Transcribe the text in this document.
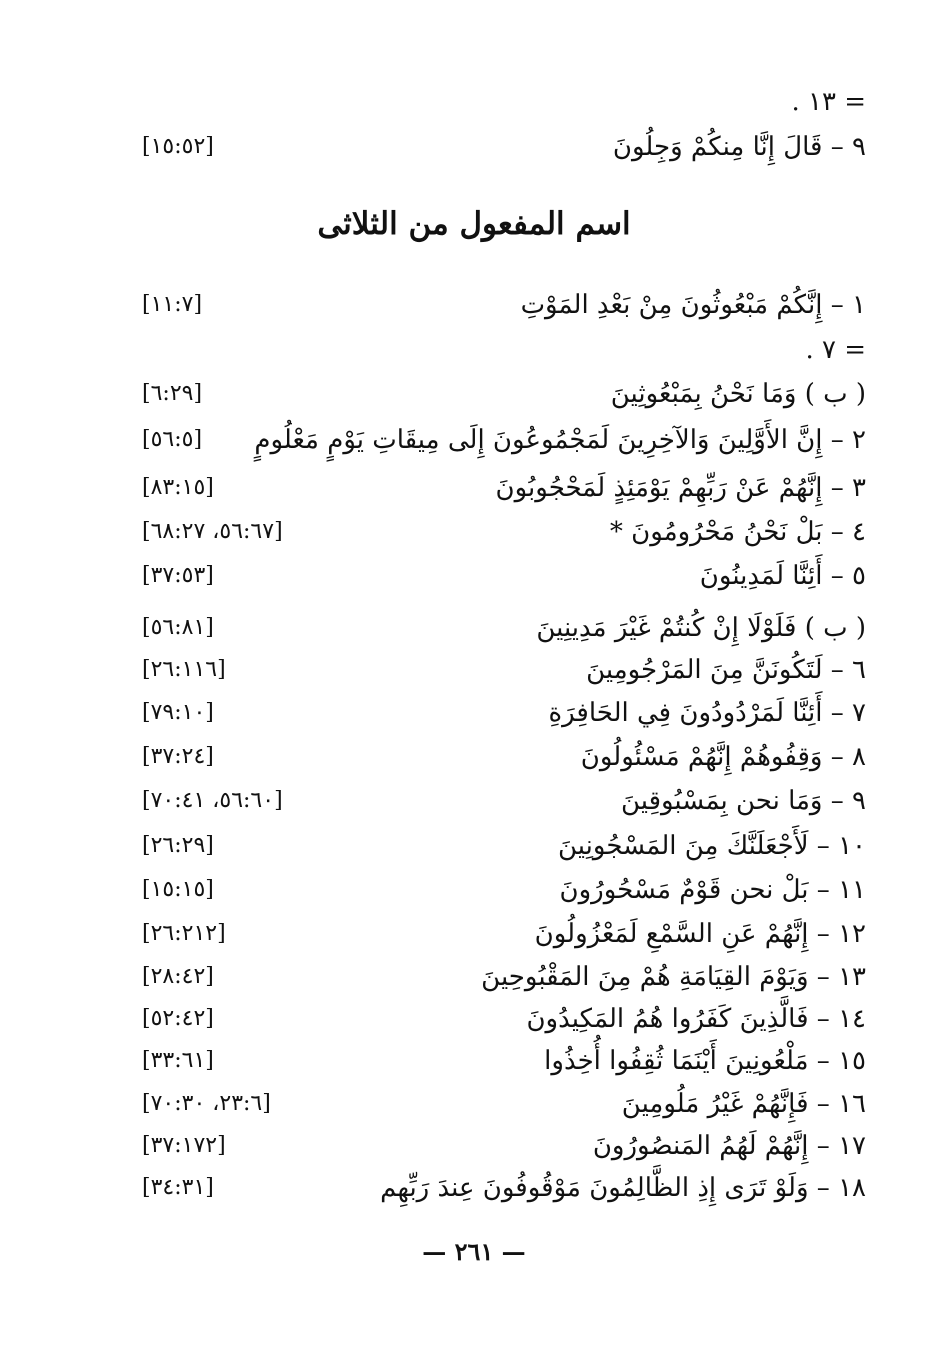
= ١٣ .
٩ – قَالَ إِنَّا مِنكُمْ وَجِلُونَ
[١٥:٥٢]
اسم المفعول من الثلاثى
١ – إِنَّكُمْ مَبْعُوثُونَ مِنْ بَعْدِ المَوْتِ
[١١:٧]
= ٧ .
( ب ) وَمَا نَحْنُ بِمَبْعُوثِينَ
[٦:٢٩]
٢ – إِنَّ الأَوَّلِينَ وَالآخِرِينَ لَمَجْمُوعُونَ إِلَى مِيقَاتِ يَوْمٍ مَعْلُومٍ
[٥٦:٥]
٣ – إِنَّهُمْ عَنْ رَبِّهِمْ يَوْمَئِذٍ لَمَحْجُوبُونَ
[٨٣:١٥]
٤ – بَلْ نَحْنُ مَحْرُومُونَ *
[٥٦:٦٧، ٦٨:٢٧]
٥ – أَئِنَّا لَمَدِينُونَ
[٣٧:٥٣]
( ب ) فَلَوْلَا إِنْ كُنتُمْ غَيْرَ مَدِينِينَ
[٥٦:٨١]
٦ – لَتَكُونَنَّ مِنَ المَرْجُومِينَ
[٢٦:١١٦]
٧ – أَئِنَّا لَمَرْدُودُونَ فِي الحَافِرَةِ
[٧٩:١٠]
٨ – وَقِفُوهُمْ إِنَّهُمْ مَسْئُولُونَ
[٣٧:٢٤]
٩ – وَمَا نحن بِمَسْبُوقِينَ
[٥٦:٦٠، ٧٠:٤١]
١٠ – لَأَجْعَلَنَّكَ مِنَ المَسْجُونِينَ
[٢٦:٢٩]
١١ – بَلْ نحن قَوْمٌ مَسْحُورُونَ
[١٥:١٥]
١٢ – إِنَّهُمْ عَنِ السَّمْعِ لَمَعْزُولُونَ
[٢٦:٢١٢]
١٣ – وَيَوْمَ القِيَامَةِ هُمْ مِنَ المَقْبُوحِينَ
[٢٨:٤٢]
١٤ – فَالَّذِينَ كَفَرُوا هُمُ المَكِيدُونَ
[٥٢:٤٢]
١٥ – مَلْعُونِينَ أَيْنَمَا ثُقِفُوا أُخِذُوا
[٣٣:٦١]
١٦ – فَإِنَّهُمْ غَيْرُ مَلُومِينَ
[٢٣:٦، ٧٠:٣٠]
١٧ – إِنَّهُمْ لَهُمُ المَنصُورُونَ
[٣٧:١٧٢]
١٨ – وَلَوْ تَرَى إِذِ الظَّالِمُونَ مَوْقُوفُونَ عِندَ رَبِّهِم
[٣٤:٣١]
— ٢٦١ —
